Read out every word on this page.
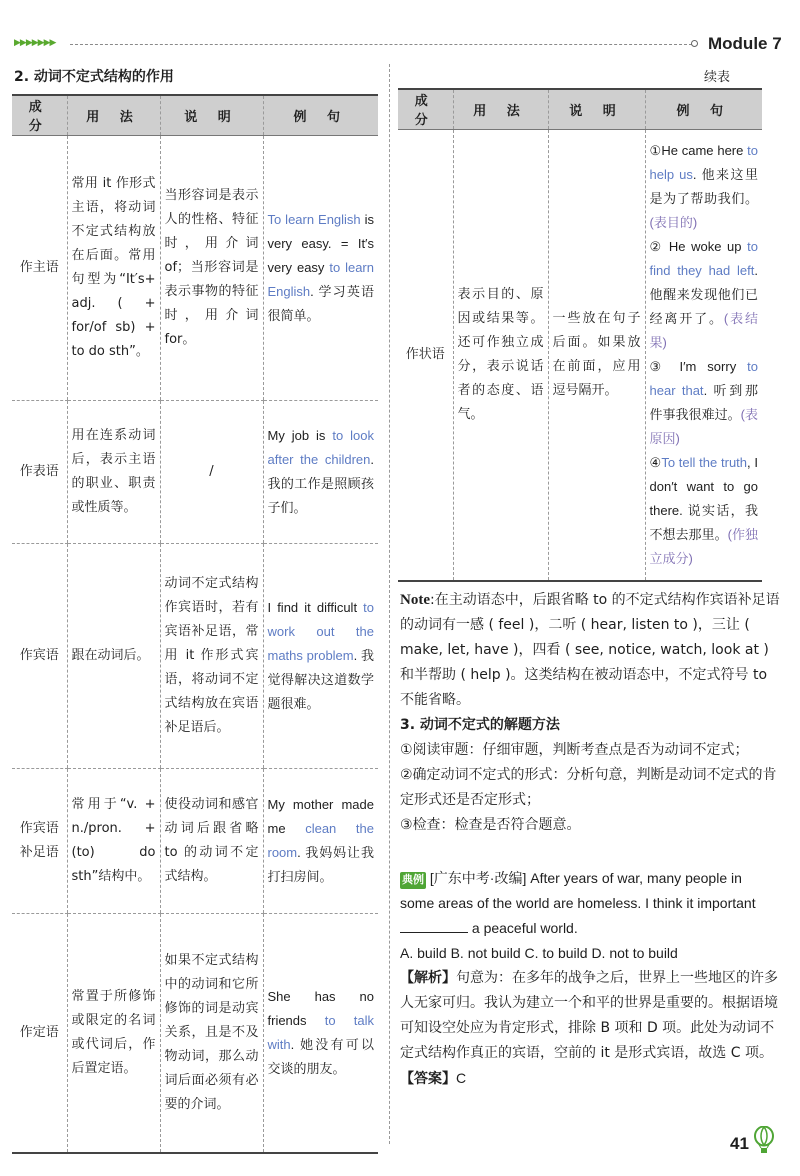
▶▶▶▶▶▶▶	Module 7
2. 动词不定式结构的作用	续表
成 分	用 法	说 明	例 句
作主语	常用 it 作形式主语，将动词不定式结构放在后面。常用句型为“It′s+ adj. ( + for/of sb) + to do sth”。	当形容词是表示人的性格、特征时，用介词 of；当形容词是表示事物的特征时，用介词 for。	To learn English is very easy. = It′s very easy to learn English. 学习英语很简单。
作表语	用在连系动词后，表示主语的职业、职责或性质等。	/	My job is to look after the children. 我的工作是照顾孩子们。
作宾语	跟在动词后。	动词不定式结构作宾语时，若有宾语补足语，常用 it 作形式宾语，将动词不定式结构放在宾语补足语后。	I find it difficult to work out the maths problem. 我觉得解决这道数学题很难。
作宾语补足语	常用于“v. + n./pron. +(to) do sth”结构中。	使役动词和感官动词后跟省略 to 的动词不定式结构。	My mother made me clean the room. 我妈妈让我打扫房间。
作定语	常置于所修饰或限定的名词或代词后，作后置定语。	如果不定式结构中的动词和它所修饰的词是动宾关系，且是不及物动词，那么动词后面必须有必要的介词。	She has no friends to talk with. 她没有可以交谈的朋友。
成 分	用 法	说 明	例 句
作状语	表示目的、原因或结果等。还可作独立成分，表示说话者的态度、语气。	一些放在句子后面。如果放在前面，应用逗号隔开。	①He came here to help us. 他来这里是为了帮助我们。(表目的)
② He woke up to find they had left. 他醒来发现他们已经离开了。(表结果)
③ I′m sorry to hear that. 听到那件事我很难过。(表原因)
④To tell the truth, I don′t want to go there. 说实话，我不想去那里。(作独立成分)
Note:在主动语态中，后跟省略 to 的不定式结构作宾语补足语的动词有一感 ( feel )，二听 ( hear, listen to )，三让 ( make, let, have )，四看 ( see, notice, watch, look at ) 和半帮助 ( help )。这类结构在被动语态中，不定式符号 to 不能省略。
3. 动词不定式的解题方法
①阅读审题：仔细审题，判断考查点是否为动词不定式；
②确定动词不定式的形式：分析句意，判断是动词不定式的肯定形式还是否定形式；
③检查：检查是否符合题意。
典例 [广东中考·改编] After years of war, many people in some areas of the world are homeless. I think it important  a peaceful world.
A. build B. not build C. to build D. not to build
【解析】句意为：在多年的战争之后，世界上一些地区的许多人无家可归。我认为建立一个和平的世界是重要的。根据语境可知设空处应为肯定形式，排除 B 项和 D 项。此处为动词不定式结构作真正的宾语，空前的 it 是形式宾语，故选 C 项。
【答案】C
41
